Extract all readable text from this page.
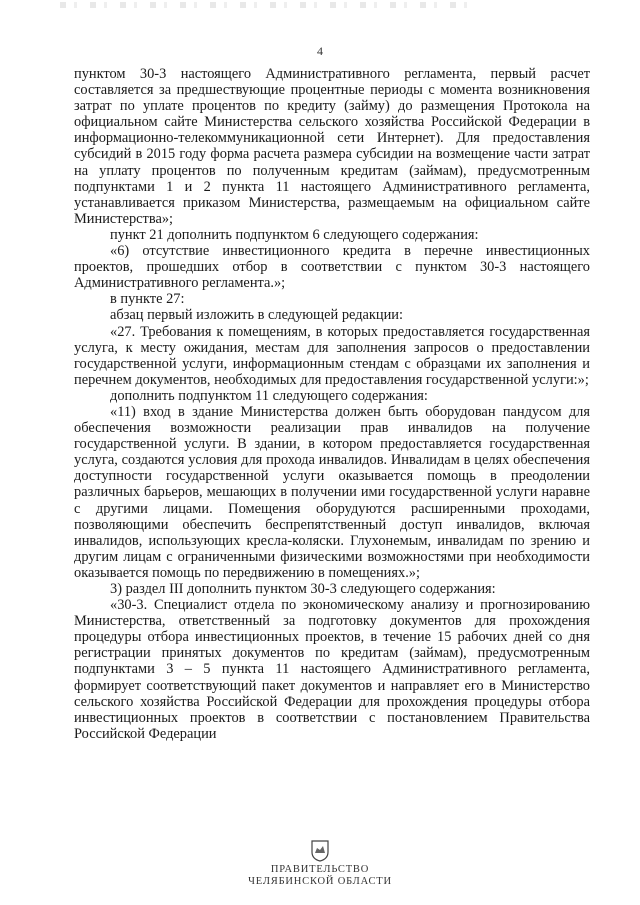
4

пунктом 30-3 настоящего Административного регламента, первый расчет составляется за предшествующие процентные периоды с момента возникновения затрат по уплате процентов по кредиту (займу) до размещения Протокола на официальном сайте Министерства сельского хозяйства Российской Федерации в информационно-телекоммуникационной сети Интернет). Для предоставления субсидий в 2015 году форма расчета размера субсидии на возмещение части затрат на уплату процентов по полученным кредитам (займам), предусмотренным подпунктами 1 и 2 пункта 11 настоящего Административного регламента, устанавливается приказом Министерства, размещаемым на официальном сайте Министерства»;

пункт 21 дополнить подпунктом 6 следующего содержания:

«6) отсутствие инвестиционного кредита в перечне инвестиционных проектов, прошедших отбор в соответствии с пунктом 30-3 настоящего Административного регламента.»;

в пункте 27:

абзац первый изложить в следующей редакции:

«27. Требования к помещениям, в которых предоставляется государственная услуга, к месту ожидания, местам для заполнения запросов о предоставлении государственной услуги, информационным стендам с образцами их заполнения и перечнем документов, необходимых для предоставления государственной услуги:»;

дополнить подпунктом 11 следующего содержания:

«11) вход в здание Министерства должен быть оборудован пандусом для обеспечения возможности реализации прав инвалидов на получение государственной услуги. В здании, в котором предоставляется государственная услуга, создаются условия для прохода инвалидов. Инвалидам в целях обеспечения доступности государственной услуги оказывается помощь в преодолении различных барьеров, мешающих в получении ими государственной услуги наравне с другими лицами. Помещения оборудуются расширенными проходами, позволяющими обеспечить беспрепятственный доступ инвалидов, включая инвалидов, использующих кресла-коляски. Глухонемым, инвалидам по зрению и другим лицам с ограниченными физическими возможностями при необходимости оказывается помощь по передвижению в помещениях.»;

3) раздел III дополнить пунктом 30-3 следующего содержания:

«30-3. Специалист отдела по экономическому анализу и прогнозированию Министерства, ответственный за подготовку документов для прохождения процедуры отбора инвестиционных проектов, в течение 15 рабочих дней со дня регистрации принятых документов по кредитам (займам), предусмотренным подпунктами 3 – 5 пункта 11 настоящего Административного регламента, формирует соответствующий пакет документов и направляет его в Министерство сельского хозяйства Российской Федерации для прохождения процедуры отбора инвестиционных проектов в соответствии с постановлением Правительства Российской Федерации

ПРАВИТЕЛЬСТВО
ЧЕЛЯБИНСКОЙ ОБЛАСТИ
